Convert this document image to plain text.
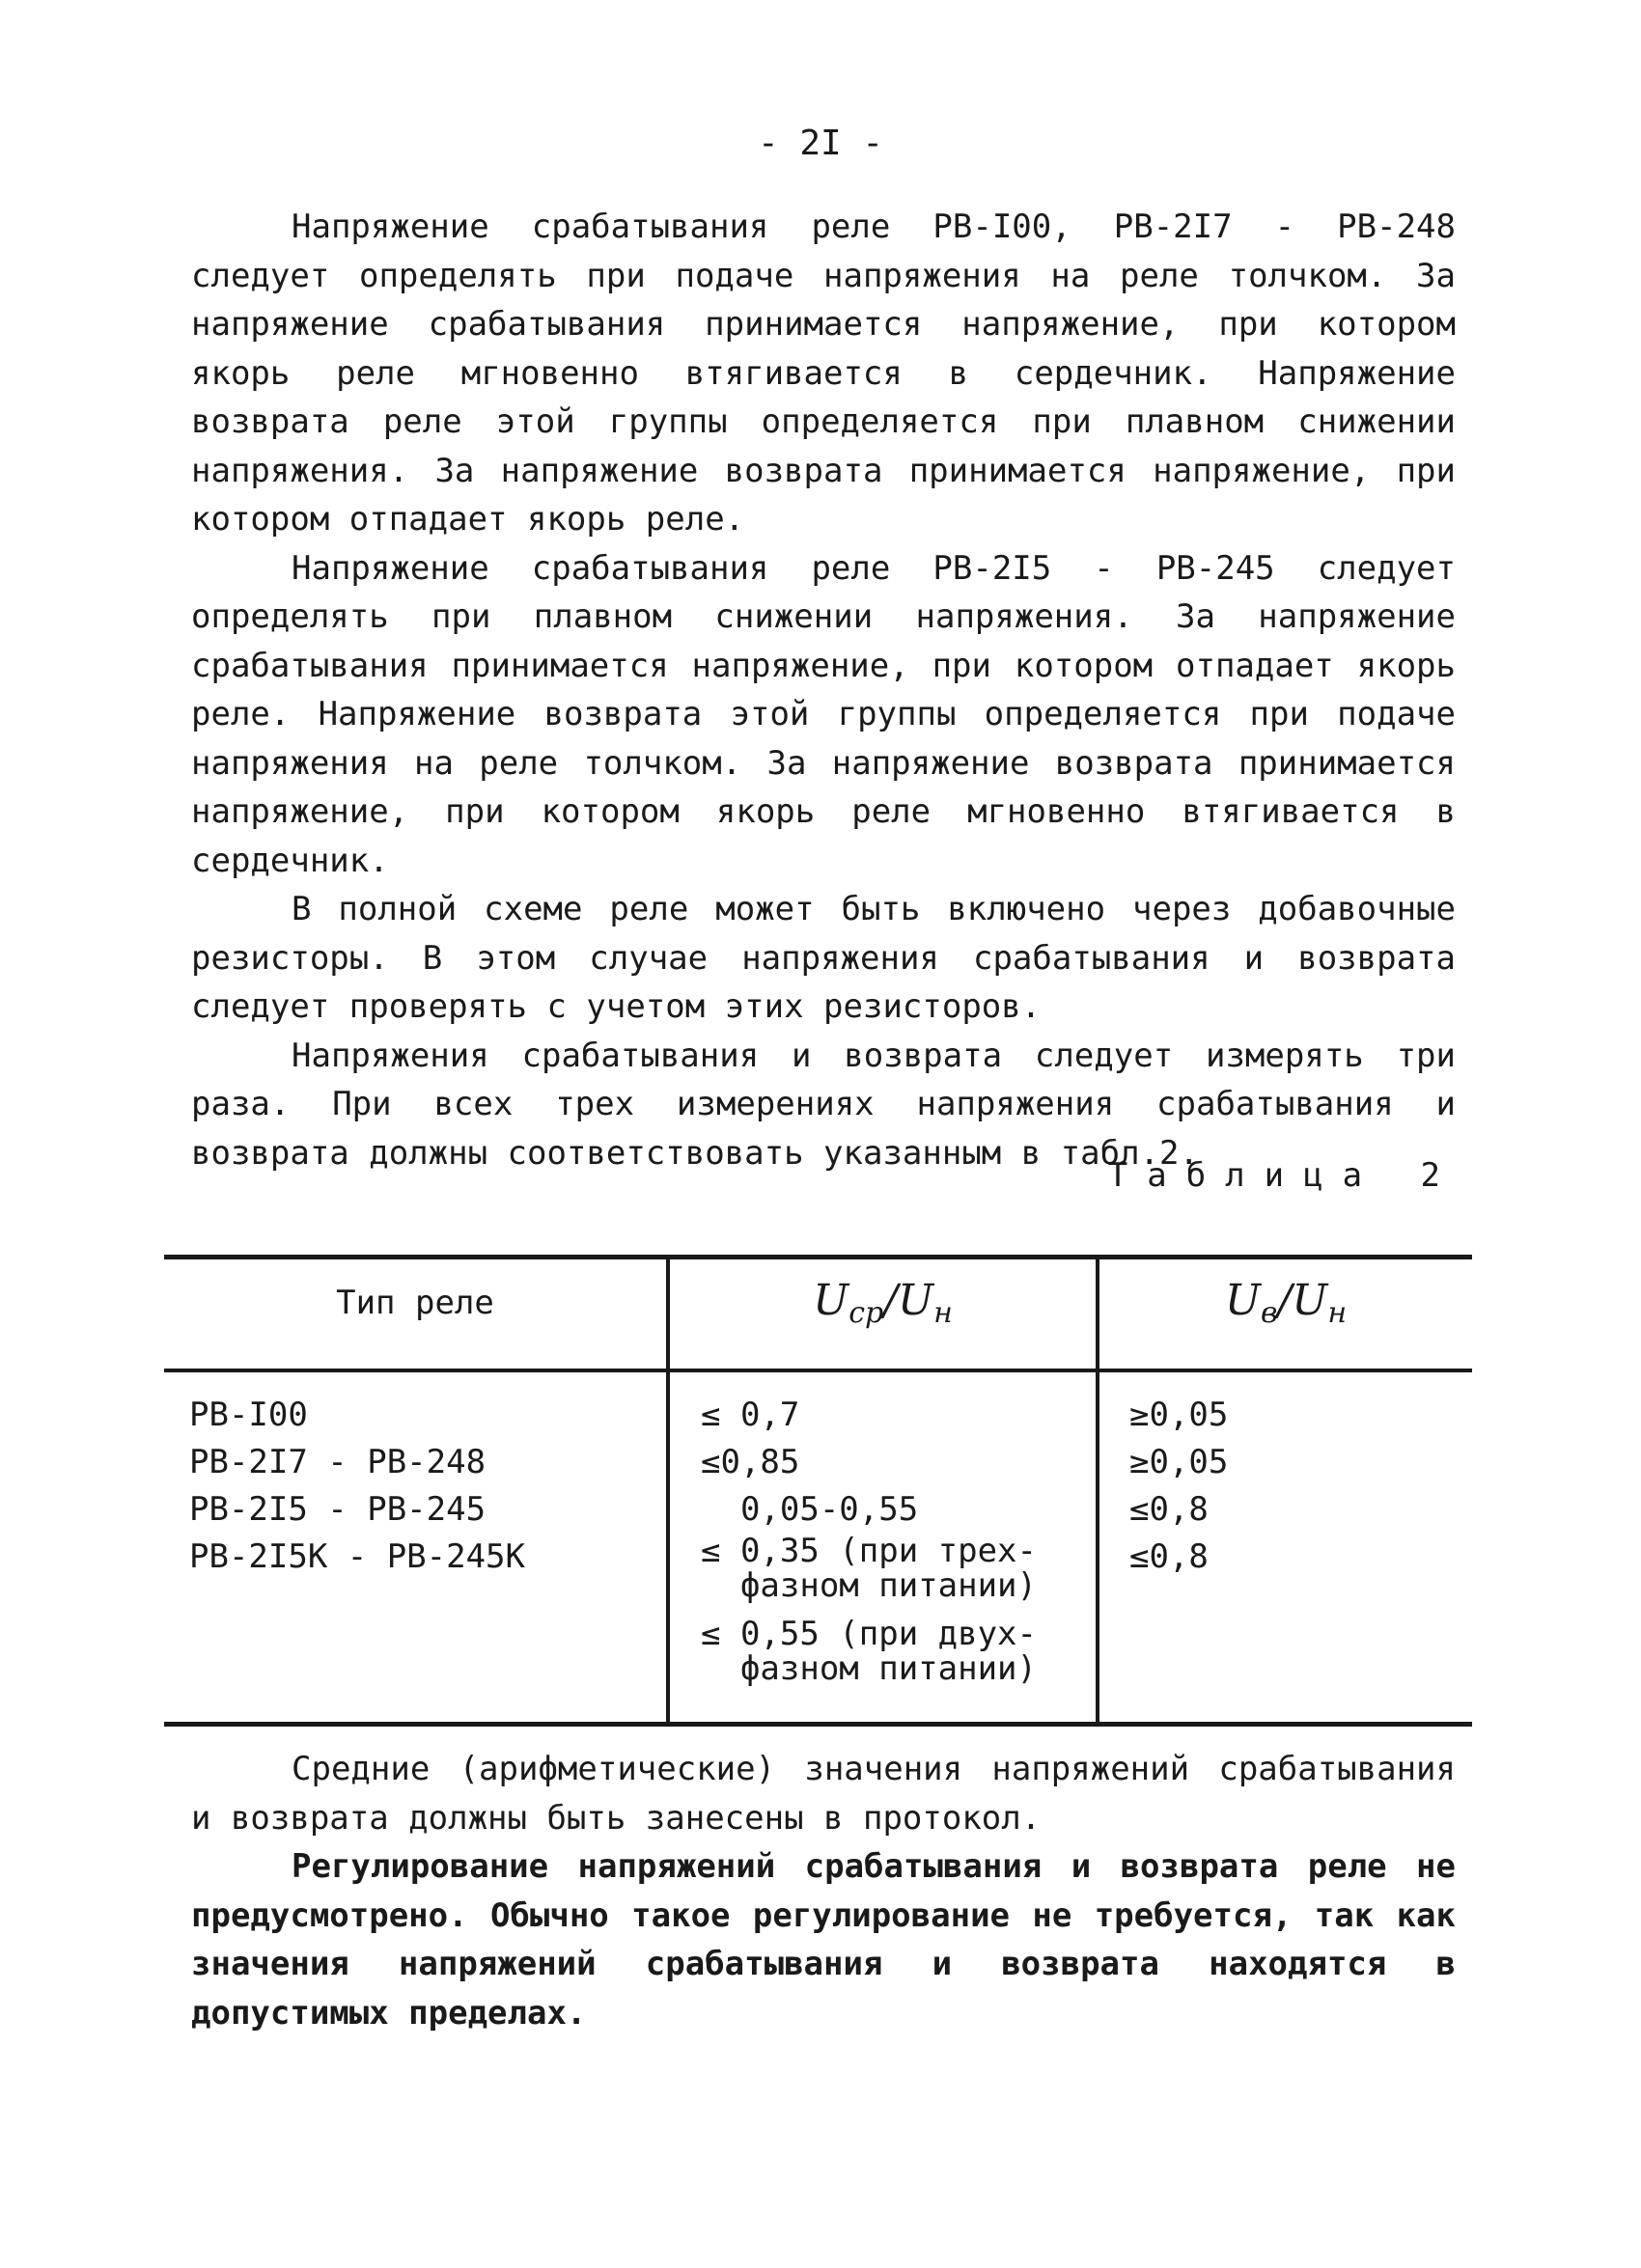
- 2I -

Напряжение срабатывания реле РВ-I00, РВ-2I7 - РВ-248 следует определять при подаче напряжения на реле толчком. За напряжение срабатывания принимается напряжение, при котором якорь реле мгновенно втягивается в сердечник. Напряжение возврата реле этой группы определяется при плавном снижении напряжения. За напряжение возврата принимается напряжение, при котором отпадает якорь реле.

Напряжение срабатывания реле РВ-2I5 - РВ-245 следует определять при плавном снижении напряжения. За напряжение срабатывания принимается напряжение, при котором отпадает якорь реле. Напряжение возврата этой группы определяется при подаче напряжения на реле толчком. За напряжение возврата принимается напряжение, при котором якорь реле мгновенно втягивается в сердечник.

В полной схеме реле может быть включено через добавочные резисторы. В этом случае напряжения срабатывания и возврата следует проверять с учетом этих резисторов.

Напряжения срабатывания и возврата следует измерять три раза. При всех трех измерениях напряжения срабатывания и возврата должны соответствовать указанным в табл.2.

Таблица 2
Тип реле	$U_{ср}/U_н$	$U_в/U_н$
РВ-I00
РВ-2I7 - РВ-248
РВ-2I5 - РВ-245
РВ-2I5К - РВ-245К
≤ 0,7
≤0,85
0,05-0,55
≤ 0,35 (при трех-
фазном питании)
≤ 0,55 (при двух-
фазном питании)
≥0,05
≥0,05
≤0,8
≤0,8

Средние (арифметические) значения напряжений срабатывания и возврата должны быть занесены в протокол.

Регулирование напряжений срабатывания и возврата реле не предусмотрено. Обычно такое регулирование не требуется, так как значения напряжений срабатывания и возврата находятся в допустимых пределах.
